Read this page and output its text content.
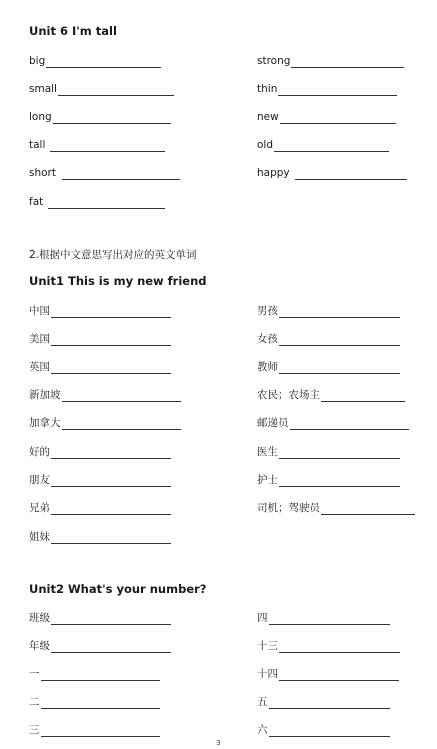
Unit 6 I'm tall
big
small
long
tall
short
fat
strong
thin
new
old
happy
2.根据中文意思写出对应的英文单词
Unit1 This is my new friend
中国
美国
英国
新加坡
加拿大
好的
朋友
兄弟
姐妹
男孩
女孩
教师
农民；农场主
邮递员
医生
护士
司机；驾驶员
Unit2 What's your number?
班级
年级
一
二
三
四
十三
十四
五
六
3
